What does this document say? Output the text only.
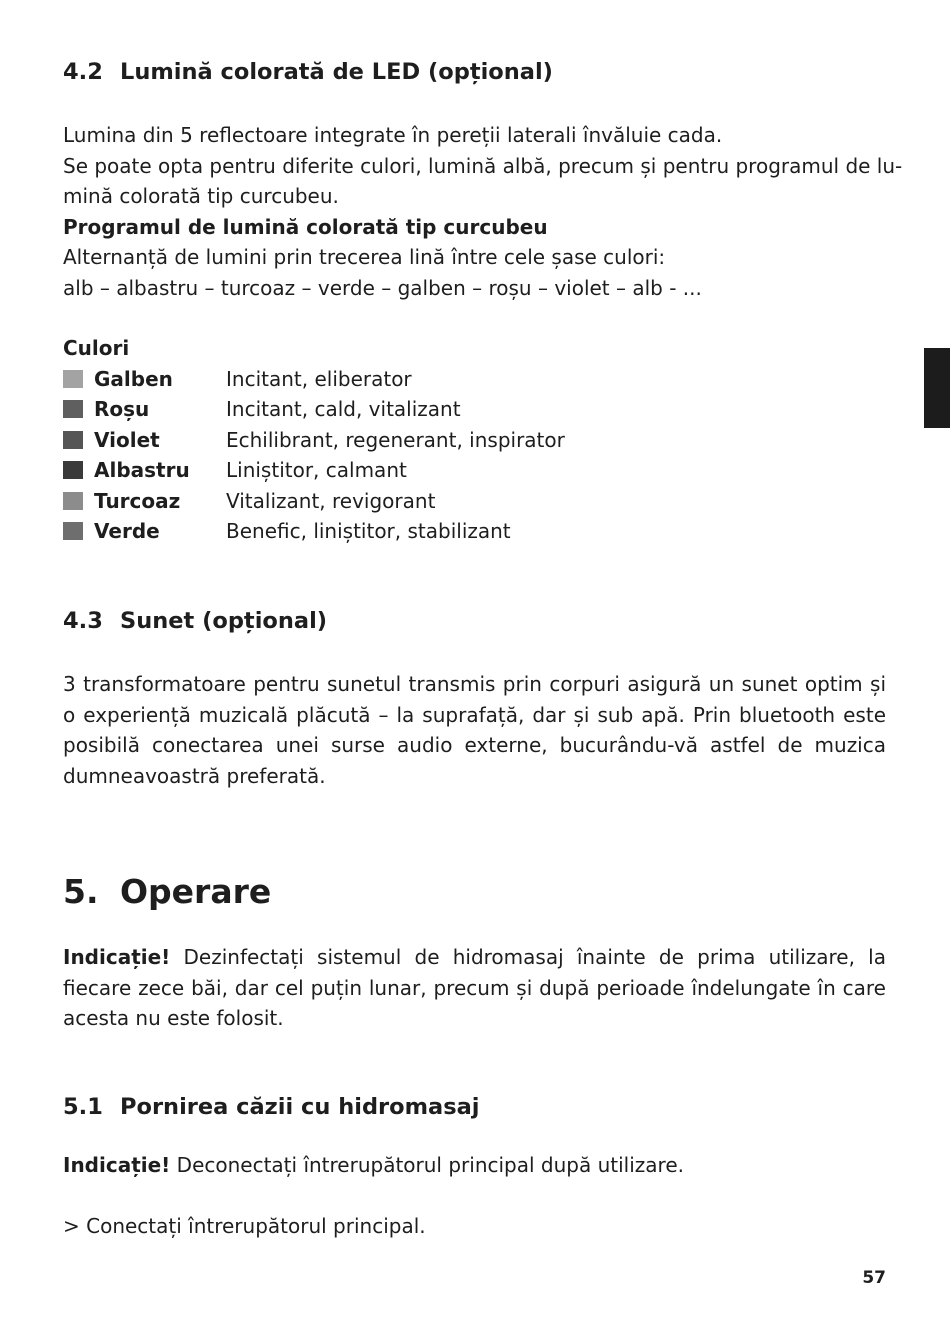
4.2 Lumină colorată de LED (opțional)
Lumina din 5 reflectoare integrate în pereții laterali învăluie cada.
Se poate opta pentru diferite culori, lumină albă, precum și pentru programul de lu-
mină colorată tip curcubeu.
Programul de lumină colorată tip curcubeu
Alternanță de lumini prin trecerea lină între cele șase culori:
alb – albastru – turcoaz – verde – galben – roșu – violet – alb - ...
Culori
Galben	Incitant, eliberator
Roșu	Incitant, cald, vitalizant
Violet	Echilibrant, regenerant, inspirator
Albastru Liniștitor, calmant
Turcoaz Vitalizant, revigorant
Verde	Benefic, liniștitor, stabilizant
4.3 Sunet (opțional)

3 transformatoare pentru sunetul transmis prin corpuri asigură un sunet optim și o experiență muzicală plăcută – la suprafață, dar și sub apă. Prin bluetooth este posibilă conectarea unei surse audio externe, bucurându-vă astfel de muzica dumneavoastră preferată.

5. Operare

Indicație! Dezinfectați sistemul de hidromasaj înainte de prima utilizare, la fiecare zece băi, dar cel puțin lunar, precum și după perioade îndelungate în care acesta nu este folosit.

5.1 Pornirea căzii cu hidromasaj
Indicație! Deconectați întrerupătorul principal după utilizare.
> Conectați întrerupătorul principal.
57
